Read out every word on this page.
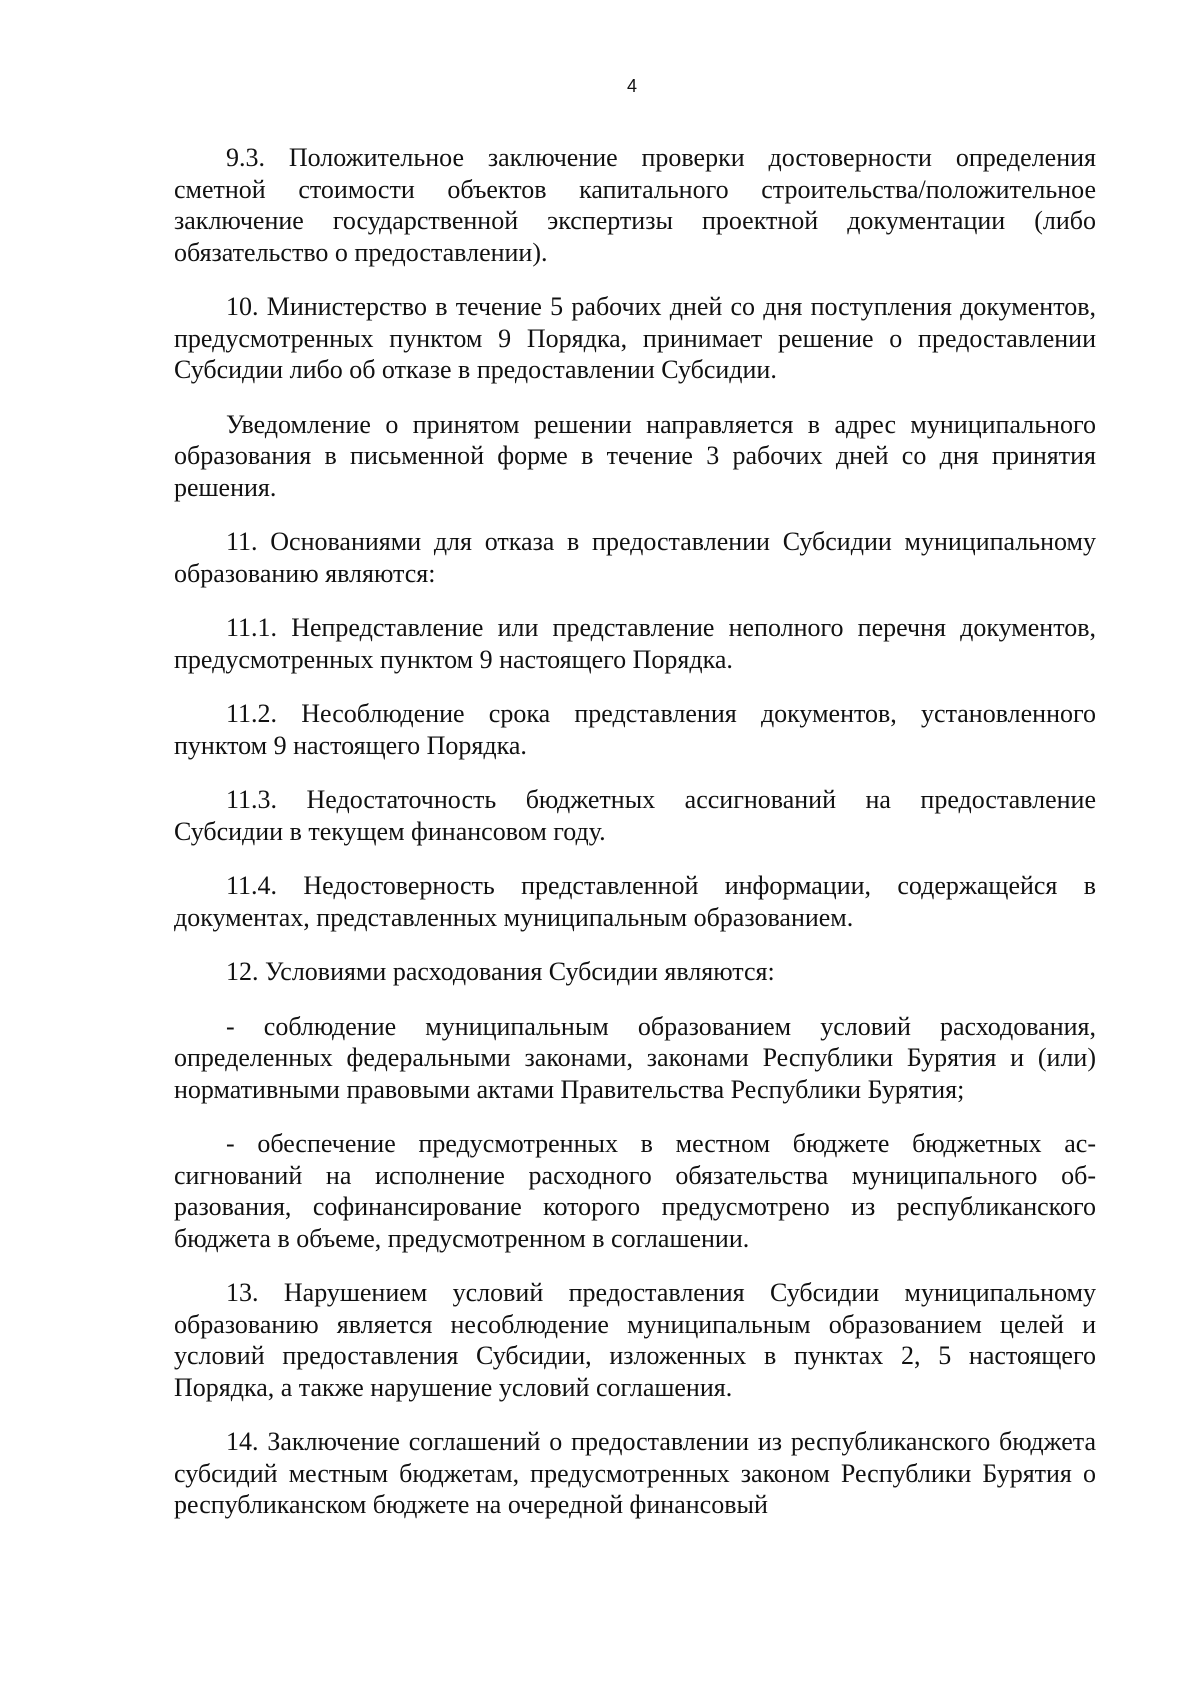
4

9.3. Положительное заключение проверки достоверности определения сметной стоимости объектов капитального строительства/положительное заключение государственной экспертизы проектной документации (либо обязательство о предоставлении).

10. Министерство в течение 5 рабочих дней со дня поступления документов, предусмотренных пунктом 9 Порядка, принимает решение о предоставлении Субсидии либо об отказе в предоставлении Субсидии.

Уведомление о принятом решении направляется в адрес муниципального образования в письменной форме в течение 3 рабочих дней со дня принятия решения.

11. Основаниями для отказа в предоставлении Субсидии муниципальному образованию являются:

11.1. Непредставление или представление неполного перечня документов, предусмотренных пунктом 9 настоящего Порядка.

11.2. Несоблюдение срока представления документов, установленного пунктом 9 настоящего Порядка.

11.3. Недостаточность бюджетных ассигнований на предоставление Субсидии в текущем финансовом году.

11.4. Недостоверность представленной информации, содержащейся в документах, представленных муниципальным образованием.

12. Условиями расходования Субсидии являются:

- соблюдение муниципальным образованием условий расходования, определенных федеральными законами, законами Республики Бурятия и (или) нормативными правовыми актами Правительства Республики Бурятия;

- обеспечение предусмотренных в местном бюджете бюджетных ассигнований на исполнение расходного обязательства муниципального образования, софинансирование которого предусмотрено из республиканского бюджета в объеме, предусмотренном в соглашении.

13. Нарушением условий предоставления Субсидии муниципальному образованию является несоблюдение муниципальным образованием целей и условий предоставления Субсидии, изложенных в пунктах 2, 5 настоящего Порядка, а также нарушение условий соглашения.

14. Заключение соглашений о предоставлении из республиканского бюджета субсидий местным бюджетам, предусмотренных законом Республики Бурятия о республиканском бюджете на очередной финансовый
